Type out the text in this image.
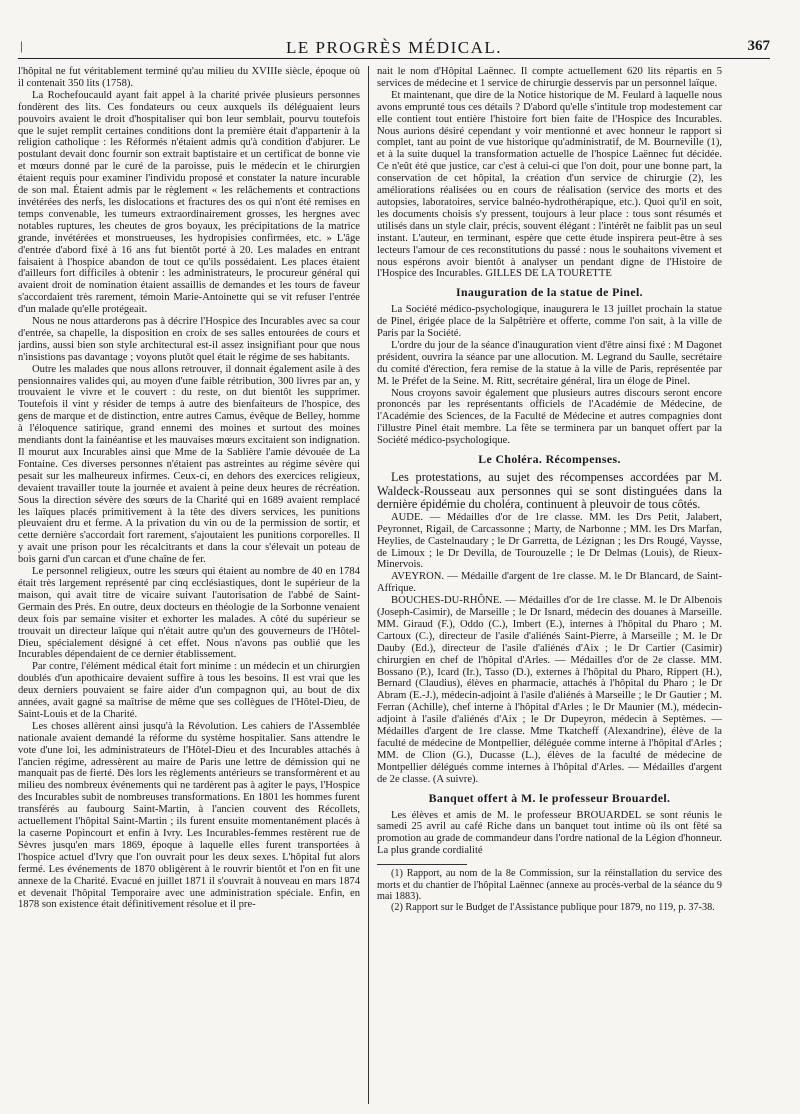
|	LE PROGRÈS MÉDICAL.	367

l'hôpital ne fut véritablement terminé qu'au milieu du XVIIIe siècle, époque où il contenait 350 lits (1758).

La Rochefoucauld ayant fait appel à la charité privée plusieurs personnes fondèrent des lits. Ces fondateurs ou ceux auxquels ils déléguaient leurs pouvoirs avaient le droit d'hospitaliser qui bon leur semblait, pourvu toutefois que le sujet remplit certaines conditions dont la première était d'appartenir à la religion catholique : les Réformés n'étaient admis qu'à condition d'abjurer. Le postulant devait donc fournir son extrait baptistaire et un certificat de bonne vie et mœurs donné par le curé de la paroisse, puis le médecin et le chirurgien étaient requis pour examiner l'individu proposé et constater la nature incurable de son mal. Étaient admis par le règlement « les relâchements et contractions invétérées des nerfs, les dislocations et fractures des os qui n'ont été remises en temps convenable, les tumeurs extraordinairement grosses, les hergnes avec notables ruptures, les cheutes de gros boyaux, les précipitations de la matrice grande, invétérées et monstrueuses, les hydropisies confirmées, etc. » L'âge d'entrée d'abord fixé à 16 ans fut bientôt porté à 20. Les malades en entrant faisaient à l'hospice abandon de tout ce qu'ils possédaient. Les places étaient d'ailleurs fort difficiles à obtenir : les administrateurs, le procureur général qui avaient droit de nomination étaient assaillis de demandes et les tours de faveur s'accordaient très rarement, témoin Marie-Antoinette qui se vit refuser l'entrée d'un malade qu'elle protégeait.

Nous ne nous attarderons pas à décrire l'Hospice des Incurables avec sa cour d'entrée, sa chapelle, la disposition en croix de ses salles entourées de cours et jardins, aussi bien son style architectural est-il assez insignifiant pour que nous n'insistions pas davantage ; voyons plutôt quel était le régime de ses habitants.

Outre les malades que nous allons retrouver, il donnait également asile à des pensionnaires valides qui, au moyen d'une faible rétribution, 300 livres par an, y trouvaient le vivre et le couvert : du reste, on dut bientôt les supprimer. Toutefois il vint y résider de temps à autre des bienfaiteurs de l'hospice, des gens de marque et de distinction, entre autres Camus, évêque de Belley, homme à l'éloquence satirique, grand ennemi des moines et surtout des moines mendiants dont la fainéantise et les mauvaises mœurs excitaient son indignation. Il mourut aux Incurables ainsi que Mme de la Sablière l'amie dévouée de La Fontaine. Ces diverses personnes n'étaient pas astreintes au régime sévère qui pesait sur les malheureux infirmes. Ceux-ci, en dehors des exercices religieux, devaient travailler toute la journée et avaient à peine deux heures de récréation. Sous la direction sévère des sœurs de la Charité qui en 1689 avaient remplacé les laïques placés primitivement à la tête des divers services, les punitions pleuvaient dru et ferme. A la privation du vin ou de la permission de sortir, et cette dernière s'accordait fort rarement, s'ajoutaient les punitions corporelles. Il y avait une prison pour les récalcitrants et dans la cour s'élevait un poteau de bois garni d'un carcan et d'une chaîne de fer.

Le personnel religieux, outre les sœurs qui étaient au nombre de 40 en 1784 était très largement représenté par cinq ecclésiastiques, dont le supérieur de la maison, qui avait titre de vicaire suivant l'autorisation de l'abbé de Saint-Germain des Prés. En outre, deux docteurs en théologie de la Sorbonne venaient deux fois par semaine visiter et exhorter les malades. A côté du supérieur se trouvait un directeur laïque qui n'était autre qu'un des gouverneurs de l'Hôtel-Dieu, spécialement désigné à cet effet. Nous n'avons pas oublié que les Incurables dépendaient de ce dernier établissement.

Par contre, l'élément médical était fort minime : un médecin et un chirurgien doublés d'un apothicaire devaient suffire à tous les besoins. Il est vrai que les deux derniers pouvaient se faire aider d'un compagnon qui, au bout de dix années, avait gagné sa maîtrise de même que ses collègues de l'Hôtel-Dieu, de Saint-Louis et de la Charité.

Les choses allèrent ainsi jusqu'à la Révolution. Les cahiers de l'Assemblée nationale avaient demandé la réforme du système hospitalier. Sans attendre le vote d'une loi, les administrateurs de l'Hôtel-Dieu et des Incurables attachés à l'ancien régime, adressèrent au maire de Paris une lettre de démission qui ne manquait pas de fierté. Dès lors les règlements antérieurs se transformèrent et au milieu des nombreux événements qui ne tardèrent pas à agiter le pays, l'Hospice des Incurables subit de nombreuses transformations. En 1801 les hommes furent transférés au faubourg Saint-Martin, à l'ancien couvent des Récollets, actuellement l'hôpital Saint-Martin ; ils furent ensuite momentanément placés à la caserne Popincourt et enfin à Ivry. Les Incurables-femmes restèrent rue de Sèvres jusqu'en mars 1869, époque à laquelle elles furent transportées à l'hospice actuel d'Ivry que l'on ouvrait pour les deux sexes. L'hôpital fut alors fermé. Les événements de 1870 obligèrent à le rouvrir bientôt et l'on en fit une annexe de la Charité. Evacué en juillet 1871 il s'ouvrait à nouveau en mars 1874 et devenait l'hôpital Temporaire avec une administration spéciale. Enfin, en 1878 son existence était définitivement résolue et il pre-

nait le nom d'Hôpital Laënnec. Il compte actuellement 620 lits répartis en 5 services de médecine et 1 service de chirurgie desservis par un personnel laïque.

Et maintenant, que dire de la Notice historique de M. Feulard à laquelle nous avons emprunté tous ces détails ? D'abord qu'elle s'intitule trop modestement car elle contient tout entière l'histoire fort bien faite de l'Hospice des Incurables. Nous aurions désiré cependant y voir mentionné et avec honneur le rapport si complet, tant au point de vue historique qu'administratif, de M. Bourneville (1), et à la suite duquel la transformation actuelle de l'hospice Laënnec fut décidée. Ce n'eût été que justice, car c'est à celui-ci que l'on doit, pour une bonne part, la conservation de cet hôpital, la création d'un service de chirurgie (2), les améliorations réalisées ou en cours de réalisation (service des morts et des autopsies, laboratoires, service balnéo-hydrothérapique, etc.). Quoi qu'il en soit, les documents choisis s'y pressent, toujours à leur place : tous sont résumés et utilisés dans un style clair, précis, souvent élégant : l'intérêt ne faiblit pas un seul instant. L'auteur, en terminant, espère que cette étude inspirera peut-être à ses lecteurs l'amour de ces reconstitutions du passé : nous le souhaitons vivement et nous espérons avoir bientôt à analyser un pendant digne de l'Histoire de l'Hospice des Incurables. GILLES DE LA TOURETTE

Inauguration de la statue de Pinel.

La Société médico-psychologique, inaugurera le 13 juillet prochain la statue de Pinel, érigée place de la Salpêtrière et offerte, comme l'on sait, à la ville de Paris par la Société.

L'ordre du jour de la séance d'inauguration vient d'être ainsi fixé : M Dagonet président, ouvrira la séance par une allocution. M. Legrand du Saulle, secrétaire du comité d'érection, fera remise de la statue à la ville de Paris, représentée par M. le Préfet de la Seine. M. Ritt, secrétaire général, lira un éloge de Pinel.

Nous croyons savoir également que plusieurs autres discours seront encore prononcés par les représentants officiels de l'Académie de Médecine, de l'Académie des Sciences, de la Faculté de Médecine et autres compagnies dont l'illustre Pinel était membre. La fête se terminera par un banquet offert par la Société médico-psychologique.

Le Choléra. Récompenses.

Les protestations, au sujet des récompenses accordées par M. Waldeck-Rousseau aux personnes qui se sont distinguées dans la dernière épidémie du choléra, continuent à pleuvoir de tous côtés.

AUDE. — Médailles d'or de 1re classe. MM. les Drs Petit, Jalabert, Peyronnet, Rigail, de Carcassonne ; Marty, de Narbonne ; MM. les Drs Marfan, Heylies, de Castelnaudary ; le Dr Garretta, de Lézignan ; les Drs Rougé, Vaysse, de Limoux ; le Dr Devilla, de Tourouzelle ; le Dr Delmas (Louis), de Rieux-Minervois.

AVEYRON. — Médaille d'argent de 1re classe. M. le Dr Blancard, de Saint-Affrique.

BOUCHES-DU-RHÔNE. — Médailles d'or de 1re classe. M. le Dr Albenois (Joseph-Casimir), de Marseille ; le Dr Isnard, médecin des douanes à Marseille. MM. Giraud (F.), Oddo (C.), Imbert (E.), internes à l'hôpital du Pharo ; M. Cartoux (C.), directeur de l'asile d'aliénés Saint-Pierre, à Marseille ; M. le Dr Dauby (Ed.), directeur de l'asile d'aliénés d'Aix ; le Dr Cartier (Casimir) chirurgien en chef de l'hôpital d'Arles. — Médailles d'or de 2e classe. MM. Bossano (P.), Icard (Ir.), Tasso (D.), externes à l'hôpital du Pharo, Rippert (H.), Bernard (Claudius), élèves en pharmacie, attachés à l'hôpital du Pharo ; le Dr Abram (E.-J.), médecin-adjoint à l'asile d'aliénés à Marseille ; le Dr Gautier ; M. Ferran (Achille), chef interne à l'hôpital d'Arles ; le Dr Maunier (M.), médecin-adjoint à l'asile d'aliénés d'Aix ; le Dr Dupeyron, médecin à Septèmes. — Médailles d'argent de 1re classe. Mme Tkatcheff (Alexandrine), élève de la faculté de médecine de Montpellier, déléguée comme interne à l'hôpital d'Arles ; MM. de Clion (G.), Ducasse (L.), élèves de la faculté de médecine de Montpellier délégués comme internes à l'hôpital d'Arles. — Médailles d'argent de 2e classe. (A suivre).

Banquet offert à M. le professeur Brouardel.

Les élèves et amis de M. le professeur BROUARDEL se sont réunis le samedi 25 avril au café Riche dans un banquet tout intime où ils ont fêté sa promotion au grade de commandeur dans l'ordre national de la Légion d'honneur. La plus grande cordialité

(1) Rapport, au nom de la 8e Commission, sur la réinstallation du service des morts et du chantier de l'hôpital Laënnec (annexe au procès-verbal de la séance du 9 mai 1883).

(2) Rapport sur le Budget de l'Assistance publique pour 1879, no 119, p. 37-38.
